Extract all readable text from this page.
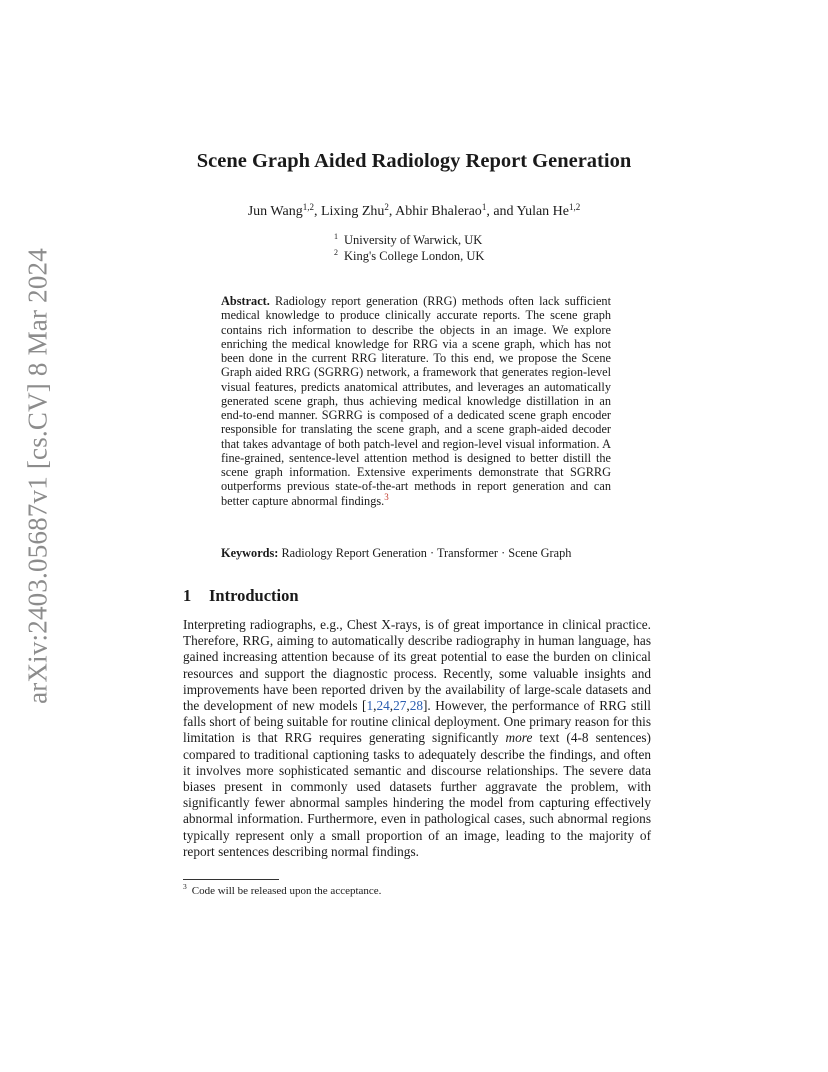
arXiv:2403.05687v1 [cs.CV] 8 Mar 2024
Scene Graph Aided Radiology Report Generation
Jun Wang$^{1,2}$, Lixing Zhu$^2$, Abhir Bhalerao$^1$, and Yulan He$^{1,2}$
$^1$ University of Warwick, UK
$^2$ King's College London, UK
Abstract. Radiology report generation (RRG) methods often lack sufficient medical knowledge to produce clinically accurate reports. The scene graph contains rich information to describe the objects in an image. We explore enriching the medical knowledge for RRG via a scene graph, which has not been done in the current RRG literature. To this end, we propose the Scene Graph aided RRG (SGRRG) network, a framework that generates region-level visual features, predicts anatomical attributes, and leverages an automatically generated scene graph, thus achieving medical knowledge distillation in an end-to-end manner. SGRRG is composed of a dedicated scene graph encoder responsible for translating the scene graph, and a scene graph-aided decoder that takes advantage of both patch-level and region-level visual information. A fine-grained, sentence-level attention method is designed to better distill the scene graph information. Extensive experiments demonstrate that SGRRG outperforms previous state-of-the-art methods in report generation and can better capture abnormal findings.$^3$
Keywords: Radiology Report Generation · Transformer · Scene Graph
1 Introduction
Interpreting radiographs, e.g., Chest X-rays, is of great importance in clinical practice. Therefore, RRG, aiming to automatically describe radiography in human language, has gained increasing attention because of its great potential to ease the burden on clinical resources and support the diagnostic process. Recently, some valuable insights and improvements have been reported driven by the availability of large-scale datasets and the development of new models [1,24,27,28]. However, the performance of RRG still falls short of being suitable for routine clinical deployment. One primary reason for this limitation is that RRG requires generating significantly more text (4-8 sentences) compared to traditional captioning tasks to adequately describe the findings, and often it involves more sophisticated semantic and discourse relationships. The severe data biases present in commonly used datasets further aggravate the problem, with significantly fewer abnormal samples hindering the model from capturing effectively abnormal information. Furthermore, even in pathological cases, such abnormal regions typically represent only a small proportion of an image, leading to the majority of report sentences describing normal findings.
$^3$ Code will be released upon the acceptance.
